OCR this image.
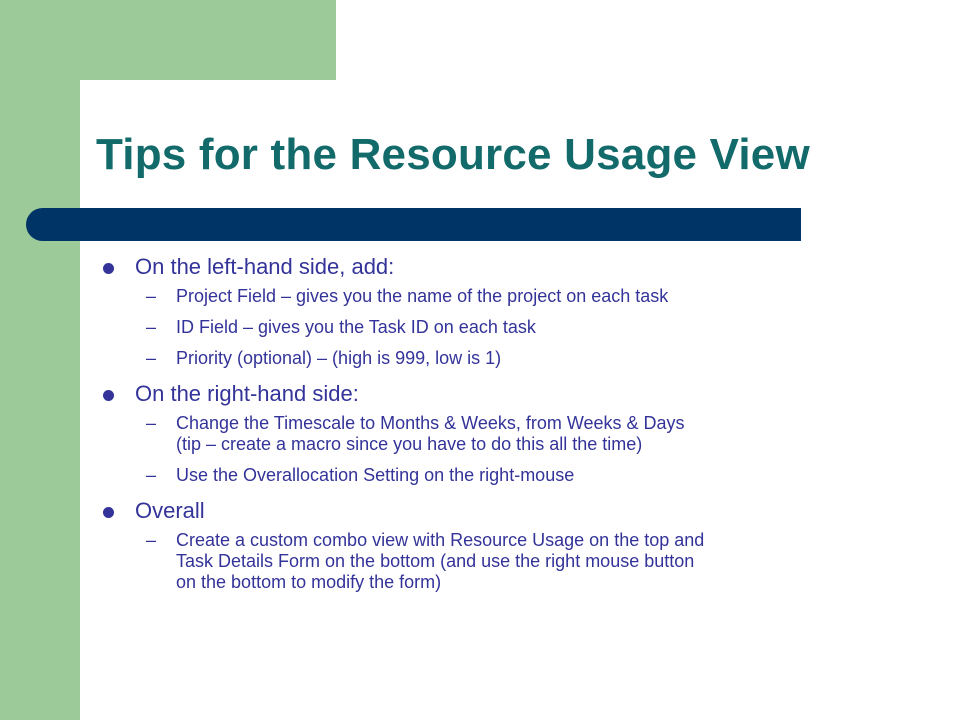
Tips for the Resource Usage View
On the left-hand side, add:
– Project Field – gives you the name of the project on each task
– ID Field – gives you the Task ID on each task
– Priority (optional) – (high is 999, low is 1)
On the right-hand side:
– Change the Timescale to Months & Weeks, from Weeks & Days
(tip – create a macro since you have to do this all the time)
– Use the Overallocation Setting on the right-mouse
Overall
– Create a custom combo view with Resource Usage on the top and
Task Details Form on the bottom (and use the right mouse button
on the bottom to modify the form)
